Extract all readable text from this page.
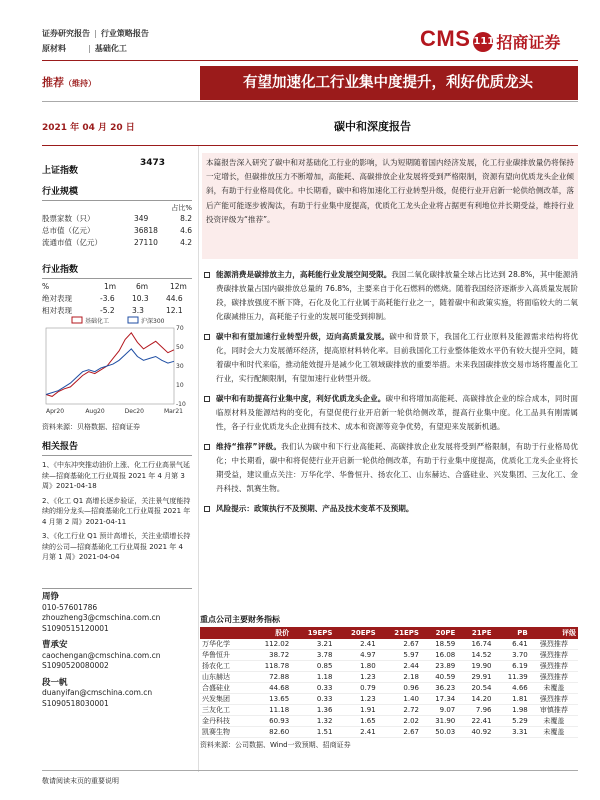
证券研究报告 | 行业策略报告
原材料	| 基础化工	CMS 111 招商证券
推荐（维持）	有望加速化工行业集中度提升，利好优质龙头
2021 年 04 月 20 日	碳中和深度报告
上证指数
3473
行业规模
占比%
股票家数（只）	349	8.2
总市值（亿元）	36818	4.6
流通市值（亿元）	27110	4.2
行业指数
%	1m	6m	12m
绝对表现	-3.6 10.3 44.6
相对表现	-5.2 3.3	12.1
70
50
30
10
-10
Apr20	Aug20	Dec20	Mar21
基础化工	沪深300
资料来源：贝格数据、招商证券
相关报告
1、《中东冲突推动油价上涨、化工行业高景气延续—招商基础化工行业周报 2021 年 4 月第 3 周》2021-04-18
2、《化工 Q1 高增长逐步验证，关注景气度能持续的细分龙头—招商基础化工行业周报 2021 年 4 月第 2 周》2021-04-11
3、《化工行业 Q1 预计高增长，关注业绩增长持续的公司—招商基础化工行业周报 2021 年 4 月第 1 周》2021-04-04
周铮
010-57601786
zhouzheng3@cmschina.com.cn
S1090515120001
曹承安
caochengan@cmschina.com.cn
S1090520080002
段一帆
duanyifan@cmschina.com.cn
S1090518030001
本篇报告深入研究了碳中和对基础化工行业的影响，认为短期随着国内经济发展，化工行业碳排放量仍将保持一定增长，但碳排放压力不断增加，高能耗、高碳排放企业发展将受到严格限制，资源有望向优质龙头企业倾斜，有助于行业格局优化。中长期看，碳中和将加速化工行业转型升级，促使行业开启新一轮供给侧改革，落后产能可能逐步被淘汰，有助于行业集中度提高，优质化工龙头企业将占据更有利地位并长期受益，维持行业投资评级为“推荐”。
能源消费是碳排放主力，高耗能行业发展空间受限。我国二氧化碳排放量全球占比达到 28.8%，其中能源消费碳排放量占国内碳排放总量的 76.8%，主要来自于化石燃料的燃烧。随着我国经济逐渐步入高质量发展阶段，碳排放强度不断下降，石化及化工行业属于高耗能行业之一，随着碳中和政策实施，将面临较大的二氧化碳减排压力，高耗能子行业的发展可能受到抑制。
碳中和有望加速行业转型升级，迈向高质量发展。碳中和背景下，我国化工行业原料及能源需求结构将优化，同时会大力发展循环经济，提高原材料转化率。目前我国化工行业整体能效水平仍有较大提升空间，随着碳中和时代来临，推动能效提升是减少化工领域碳排放的重要举措。未来我国碳排放交易市场将覆盖化工行业，实行配额限制，有望加速行业转型升级。
碳中和有助提高行业集中度，利好优质龙头企业。碳中和将增加高能耗、高碳排放企业的综合成本，同时面临原材料及能源结构的变化，有望促使行业开启新一轮供给侧改革，提高行业集中度。化工品具有刚需属性，各子行业优质龙头企业拥有技术、成本和资源等竞争优势，有望迎来发展新机遇。
维持“推荐”评级。我们认为碳中和下行业高能耗、高碳排放企业发展将受到严格限制，有助于行业格局优化；中长期看，碳中和将促使行业开启新一轮供给侧改革，有助于行业集中度提高，优质化工龙头企业将长期受益，建议重点关注：万华化学、华鲁恒升、扬农化工、山东赫达、合盛硅业、兴发集团、三友化工、金丹科技、凯赛生物。
风险提示：政策执行不及预期、产品及技术变革不及预期。
重点公司主要财务指标
	股价	19EPS	20EPS	21EPS	20PE	21PE	PB	评级
万华化学	112.02	3.21	2.41	2.67	18.59	16.74	6.41	强烈推荐
华鲁恒升	38.72	3.78	4.97	5.97	16.08	14.52	3.70	强烈推荐
扬农化工	118.78	0.85	1.80	2.44	23.89	19.90	6.19	强烈推荐
山东赫达	72.88	1.18	1.23	2.18	40.59	29.91	11.39	强烈推荐
合盛硅业	44.68	0.33	0.79	0.96	36.23	20.54	4.66	未覆盖
兴发集团	13.65	0.33	1.23	1.40	17.34	14.20	1.81	强烈推荐
三友化工	11.18	1.36	1.91	2.72	9.07	7.96	1.98	审慎推荐
金丹科技	60.93	1.32	1.65	2.02	31.90	22.41	5.29	未覆盖
凯赛生物	82.60	1.51	2.41	2.67	50.03	40.92	3.31	未覆盖
资料来源：公司数据、Wind一致预期、招商证券
敬请阅读末页的重要说明
